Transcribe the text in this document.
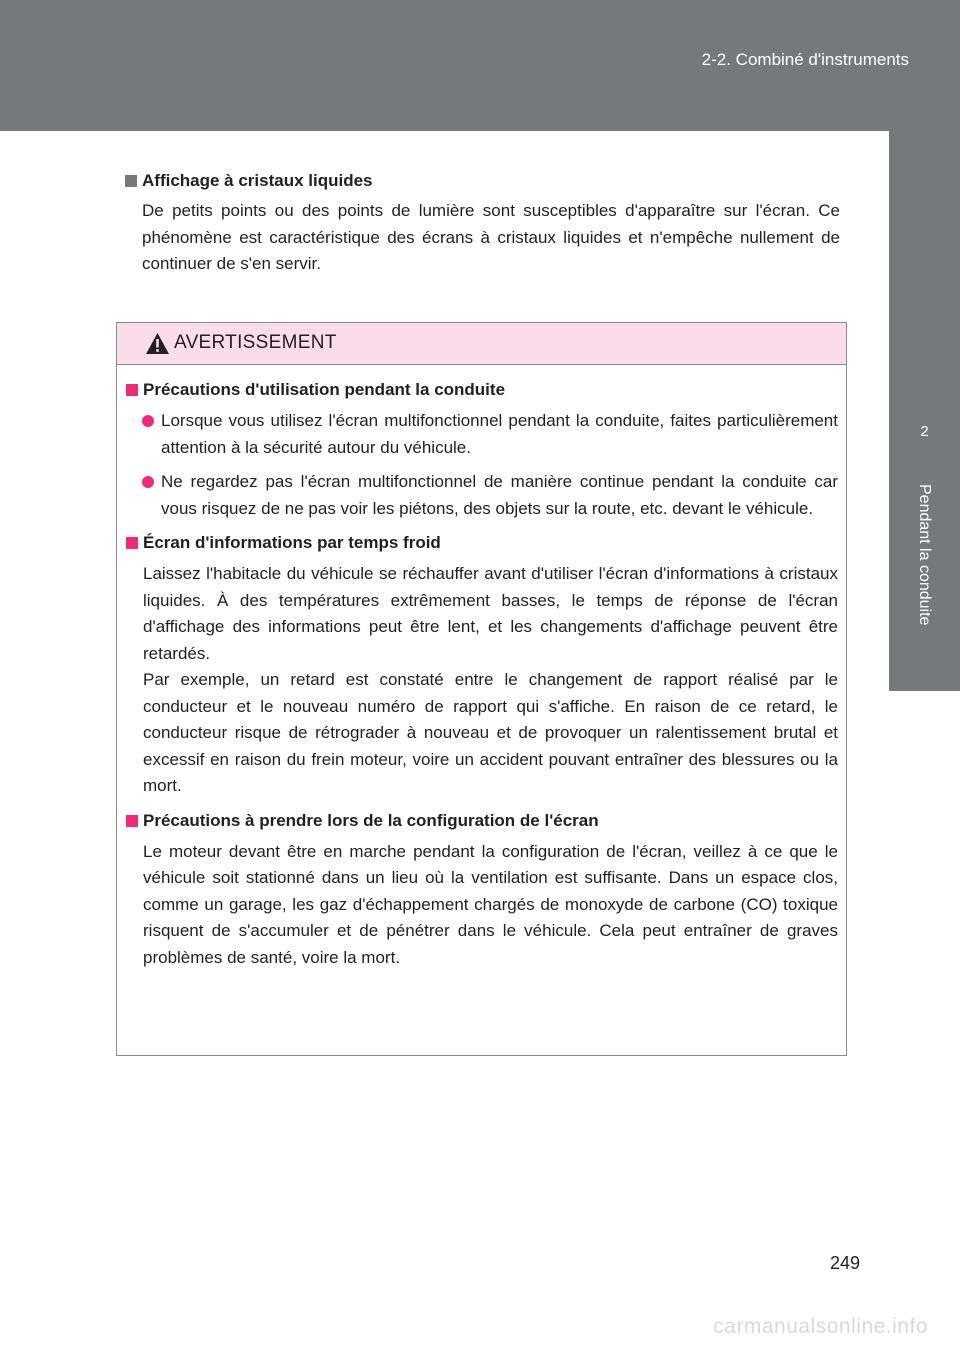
2-2. Combiné d'instruments
2
Pendant la conduite
Affichage à cristaux liquides
De petits points ou des points de lumière sont susceptibles d'apparaître sur l'écran. Ce phénomène est caractéristique des écrans à cristaux liquides et n'empêche nullement de continuer de s'en servir.
AVERTISSEMENT
Précautions d'utilisation pendant la conduite
Lorsque vous utilisez l'écran multifonctionnel pendant la conduite, faites particulièrement attention à la sécurité autour du véhicule.
Ne regardez pas l'écran multifonctionnel de manière continue pendant la conduite car vous risquez de ne pas voir les piétons, des objets sur la route, etc. devant le véhicule.
Écran d'informations par temps froid
Laissez l'habitacle du véhicule se réchauffer avant d'utiliser l'écran d'informations à cristaux liquides. À des températures extrêmement basses, le temps de réponse de l'écran d'affichage des informations peut être lent, et les changements d'affichage peuvent être retardés.
Par exemple, un retard est constaté entre le changement de rapport réalisé par le conducteur et le nouveau numéro de rapport qui s'affiche. En raison de ce retard, le conducteur risque de rétrograder à nouveau et de provoquer un ralentissement brutal et excessif en raison du frein moteur, voire un accident pouvant entraîner des blessures ou la mort.
Précautions à prendre lors de la configuration de l'écran
Le moteur devant être en marche pendant la configuration de l'écran, veillez à ce que le véhicule soit stationné dans un lieu où la ventilation est suffisante. Dans un espace clos, comme un garage, les gaz d'échappement chargés de monoxyde de carbone (CO) toxique risquent de s'accumuler et de pénétrer dans le véhicule. Cela peut entraîner de graves problèmes de santé, voire la mort.
249
carmanualsonline.info
